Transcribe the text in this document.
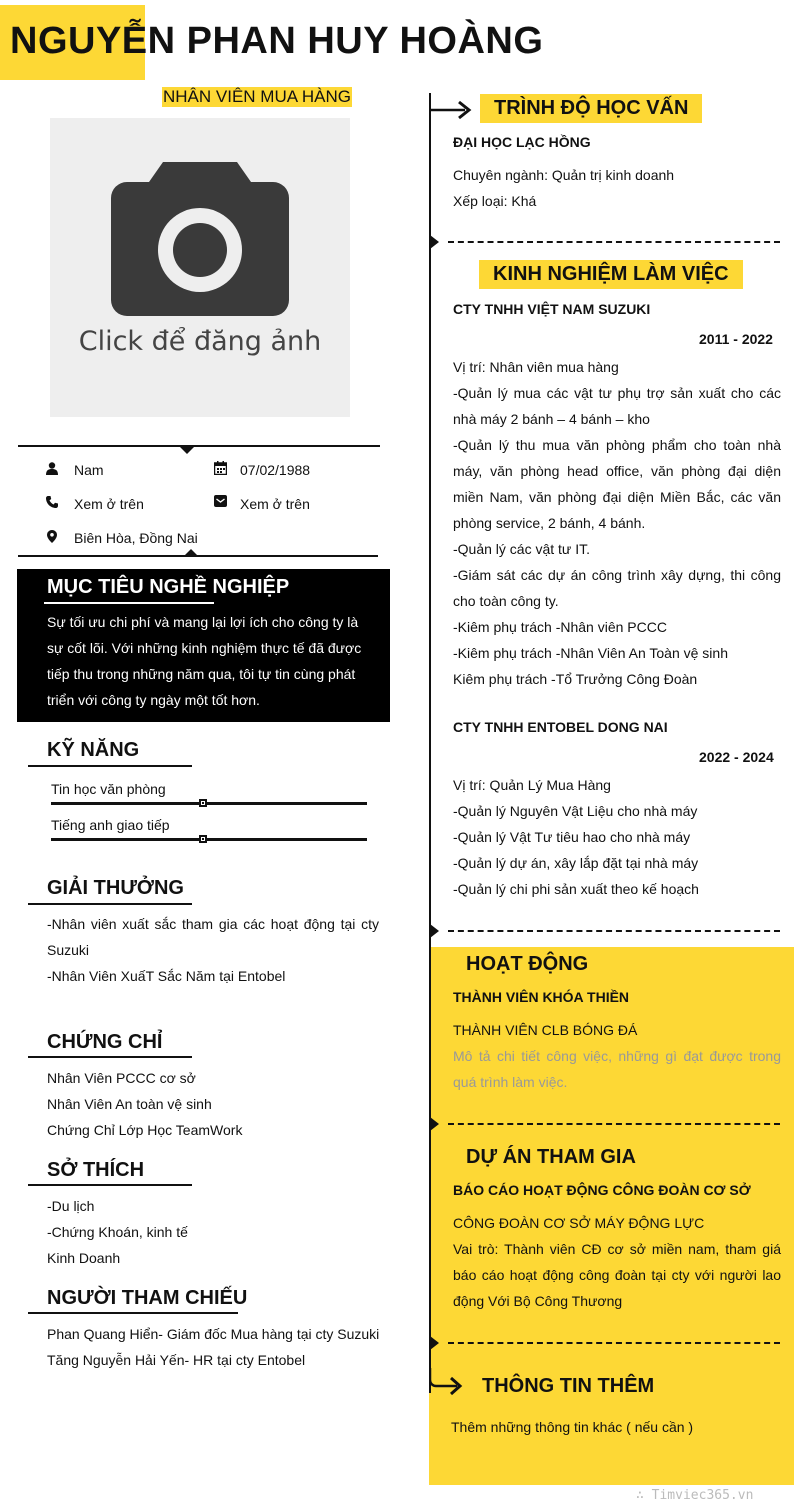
NGUYỄN PHAN HUY HOÀNG
NHÂN VIÊN MUA HÀNG
Click để đăng ảnh
Nam	07/02/1988
Xem ở trên	Xem ở trên
Biên Hòa, Đồng Nai
MỤC TIÊU NGHỀ NGHIỆP
Sự tối ưu chi phí và mang lại lợi ích cho công ty là sự cốt lõi. Với những kinh nghiệm thực tế đã được tiếp thu trong những năm qua, tôi tự tin cùng phát triển với công ty ngày một tốt hơn.
KỸ NĂNG
Tin học văn phòng
Tiếng anh giao tiếp
GIẢI THƯỞNG
-Nhân viên xuất sắc tham gia các hoạt động tại cty Suzuki
-Nhân Viên XuấT Sắc Năm tại Entobel
CHỨNG CHỈ
Nhân Viên PCCC cơ sở
Nhân Viên An toàn vệ sinh
Chứng Chỉ Lớp Học TeamWork
SỞ THÍCH
-Du lịch
-Chứng Khoán, kinh tế
Kinh Doanh
NGƯỜI THAM CHIẾU
Phan Quang Hiển- Giám đốc Mua hàng tại cty Suzuki
Tăng Nguyễn Hải Yến- HR tại cty Entobel
TRÌNH ĐỘ HỌC VẤN
ĐẠI HỌC LẠC HỒNG
Chuyên ngành: Quản trị kinh doanh
Xếp loại: Khá
KINH NGHIỆM LÀM VIỆC
CTY TNHH VIỆT NAM SUZUKI
2011 - 2022
Vị trí: Nhân viên mua hàng
-Quản lý mua các vật tư phụ trợ sản xuất cho các nhà máy 2 bánh – 4 bánh – kho
-Quản lý thu mua văn phòng phẩm cho toàn nhà máy, văn phòng head office, văn phòng đại diện miền Nam, văn phòng đại diện Miền Bắc, các văn phòng service, 2 bánh, 4 bánh.
-Quản lý các vật tư IT.
-Giám sát các dự án công trình xây dựng, thi công cho toàn công ty.
-Kiêm phụ trách -Nhân viên PCCC
-Kiêm phụ trách -Nhân Viên An Toàn vệ sinh
Kiêm phụ trách -Tổ Trưởng Công Đoàn
CTY TNHH ENTOBEL DONG NAI
2022 - 2024
Vị trí: Quản Lý Mua Hàng
-Quản lý Nguyên Vật Liệu cho nhà máy
-Quản lý Vật Tư tiêu hao cho nhà máy
-Quản lý dự án, xây lắp đặt tại nhà máy
-Quản lý chi phi sản xuất theo kế hoạch
HOẠT ĐỘNG
THÀNH VIÊN KHÓA THIỀN
THÀNH VIÊN CLB BÓNG ĐÁ
Mô tả chi tiết công việc, những gì đạt được trong quá trình làm việc.
DỰ ÁN THAM GIA
BÁO CÁO HOẠT ĐỘNG CÔNG ĐOÀN CƠ SỞ
CÔNG ĐOÀN CƠ SỞ MÁY ĐỘNG LỰC
Vai trò: Thành viên CĐ cơ sở miền nam, tham giá báo cáo hoạt động công đoàn tại cty với người lao động Với Bộ Công Thương
THÔNG TIN THÊM
Thêm những thông tin khác ( nếu cần )
∴ Timviec365.vn
